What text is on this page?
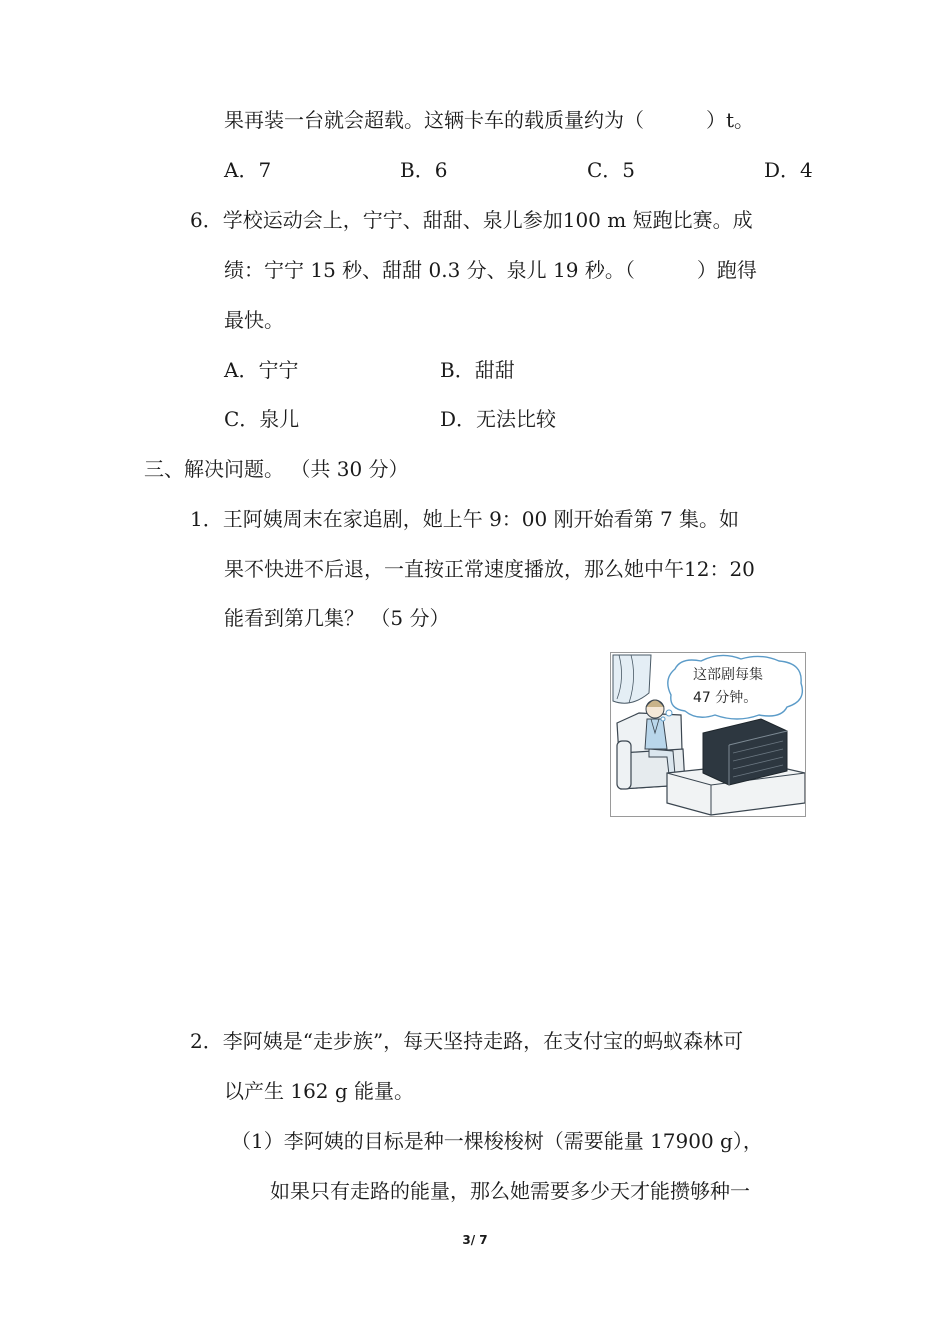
果再装一台就会超载。这辆卡车的载质量约为（	）t。
A．7	B．6	C．5	D．4
6．学校运动会上，宁宁、甜甜、泉儿参加100 m 短跑比赛。成
绩：宁宁 15 秒、甜甜 0.3 分、泉儿 19 秒。（	）跑得
最快。
A．宁宁	B．甜甜
C．泉儿	D．无法比较
三、解决问题。 （共 30 分）
1．王阿姨周末在家追剧，她上午 9：00 刚开始看第 7 集。如
果不快进不后退，一直按正常速度播放，那么她中午12：20
能看到第几集？ （5 分）
这部剧每集
47 分钟。
2．李阿姨是“走步族”，每天坚持走路，在支付宝的蚂蚁森林可
以产生 162 g 能量。
（1）李阿姨的目标是种一棵梭梭树（需要能量 17900 g），
如果只有走路的能量，那么她需要多少天才能攒够种一
3/ 7
